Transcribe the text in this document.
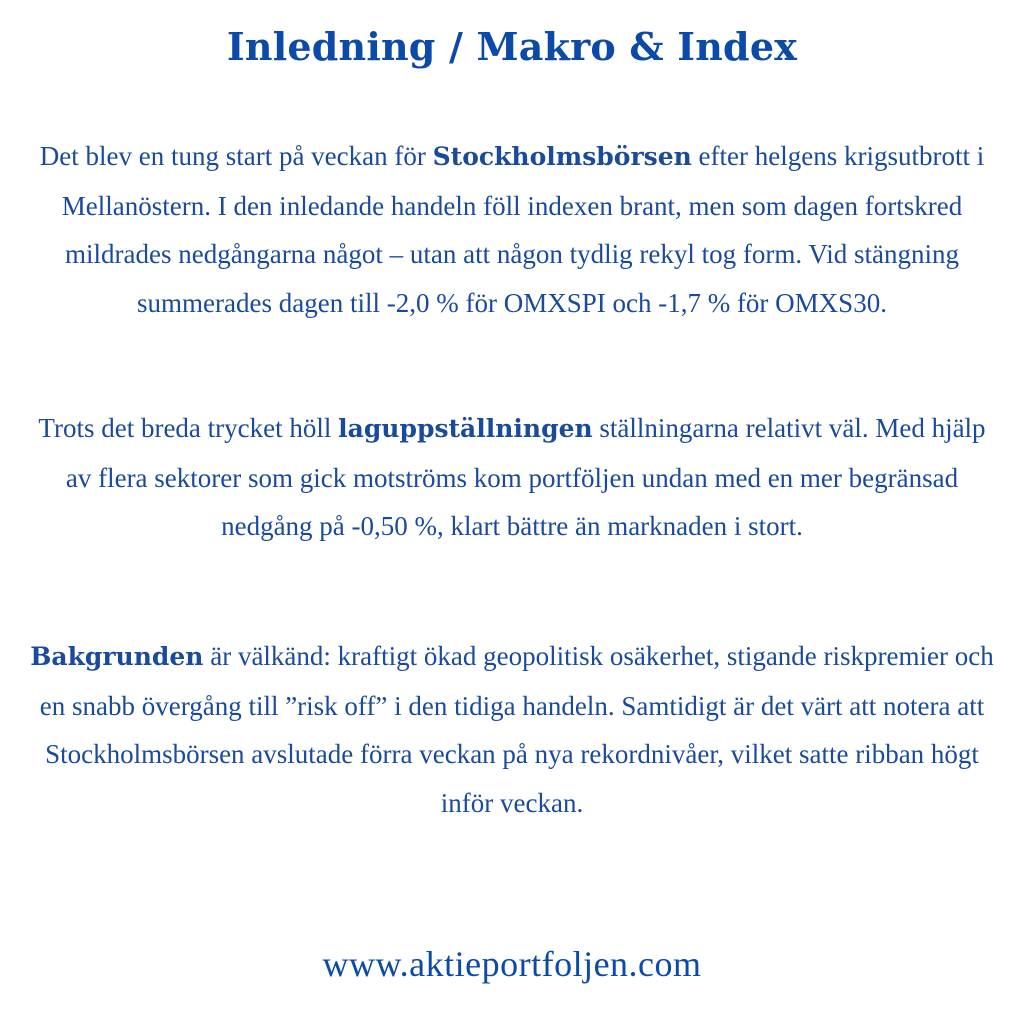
Inledning / Makro & Index
Det blev en tung start på veckan för Stockholmsbörsen efter helgens krigsutbrott i Mellanöstern. I den inledande handeln föll indexen brant, men som dagen fortskred mildrades nedgångarna något – utan att någon tydlig rekyl tog form. Vid stängning summerades dagen till -2,0 % för OMXSPI och -1,7 % för OMXS30.
Trots det breda trycket höll laguppställningen ställningarna relativt väl. Med hjälp av flera sektorer som gick motströms kom portföljen undan med en mer begränsad nedgång på -0,50 %, klart bättre än marknaden i stort.
Bakgrunden är välkänd: kraftigt ökad geopolitisk osäkerhet, stigande riskpremier och en snabb övergång till ”risk off” i den tidiga handeln. Samtidigt är det värt att notera att Stockholmsbörsen avslutade förra veckan på nya rekordnivåer, vilket satte ribban högt inför veckan.
www.aktieportfoljen.com
